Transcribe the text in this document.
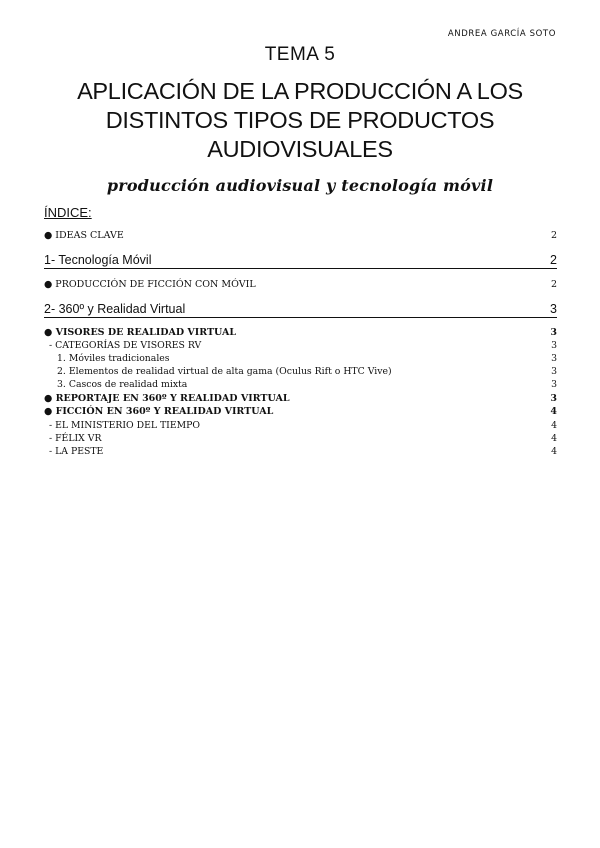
ANDREA GARCÍA SOTO
TEMA 5
APLICACIÓN DE LA PRODUCCIÓN A LOS DISTINTOS TIPOS DE PRODUCTOS AUDIOVISUALES
producción audiovisual y tecnología móvil
ÍNDICE:
● IDEAS CLAVE	2
1- Tecnología Móvil	2
● PRODUCCIÓN DE FICCIÓN CON MÓVIL	2
2- 360º y Realidad Virtual	3
● VISORES DE REALIDAD VIRTUAL	3
- CATEGORÍAS DE VISORES RV	3
1. Móviles tradicionales	3
2. Elementos de realidad virtual de alta gama (Oculus Rift o HTC Vive)	3
3. Cascos de realidad mixta	3
● REPORTAJE EN 360º Y REALIDAD VIRTUAL	3
● FICCIÓN EN 360º Y REALIDAD VIRTUAL	4
- EL MINISTERIO DEL TIEMPO	4
- FÉLIX VR	4
- LA PESTE	4
